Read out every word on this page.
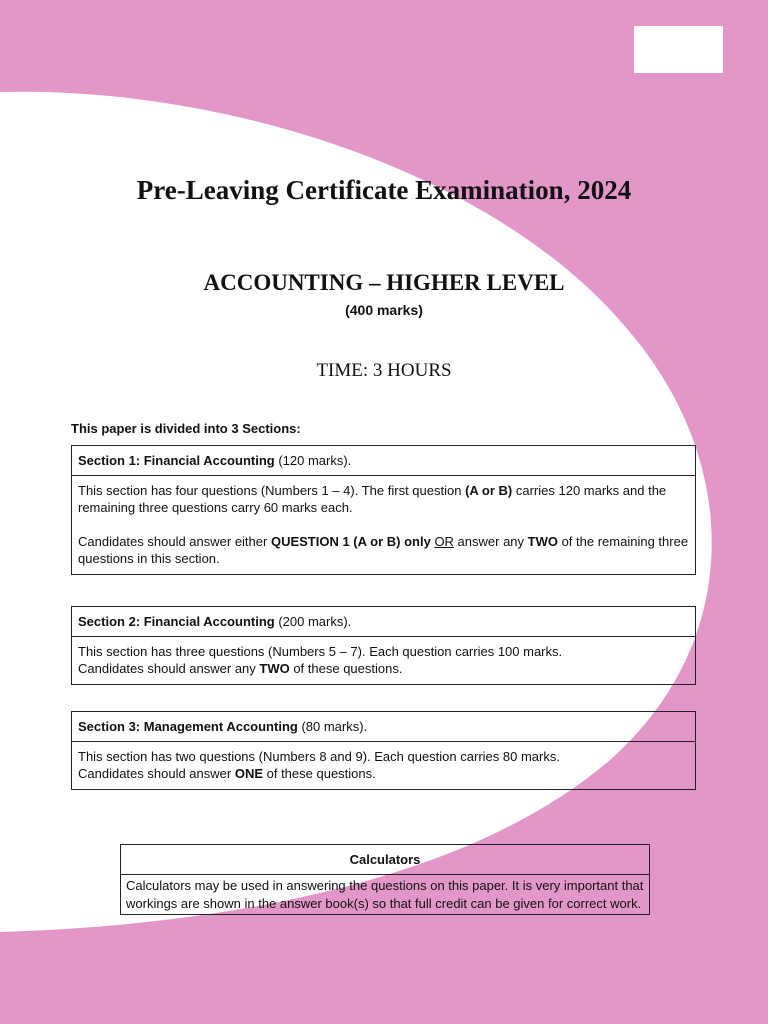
Pre-Leaving Certificate Examination, 2024
ACCOUNTING – HIGHER LEVEL
(400 marks)
TIME: 3 HOURS
This paper is divided into 3 Sections:
Section 1: Financial Accounting (120 marks).

This section has four questions (Numbers 1 – 4). The first question (A or B) carries 120 marks and the remaining three questions carry 60 marks each.

Candidates should answer either QUESTION 1 (A or B) only OR answer any TWO of the remaining three questions in this section.

Section 2: Financial Accounting (200 marks).
This section has three questions (Numbers 5 – 7). Each question carries 100 marks.
Candidates should answer any TWO of these questions.
Section 3: Management Accounting (80 marks).
This section has two questions (Numbers 8 and 9). Each question carries 80 marks.
Candidates should answer ONE of these questions.
Calculators
Calculators may be used in answering the questions on this paper. It is very important that workings are shown in the answer book(s) so that full credit can be given for correct work.
